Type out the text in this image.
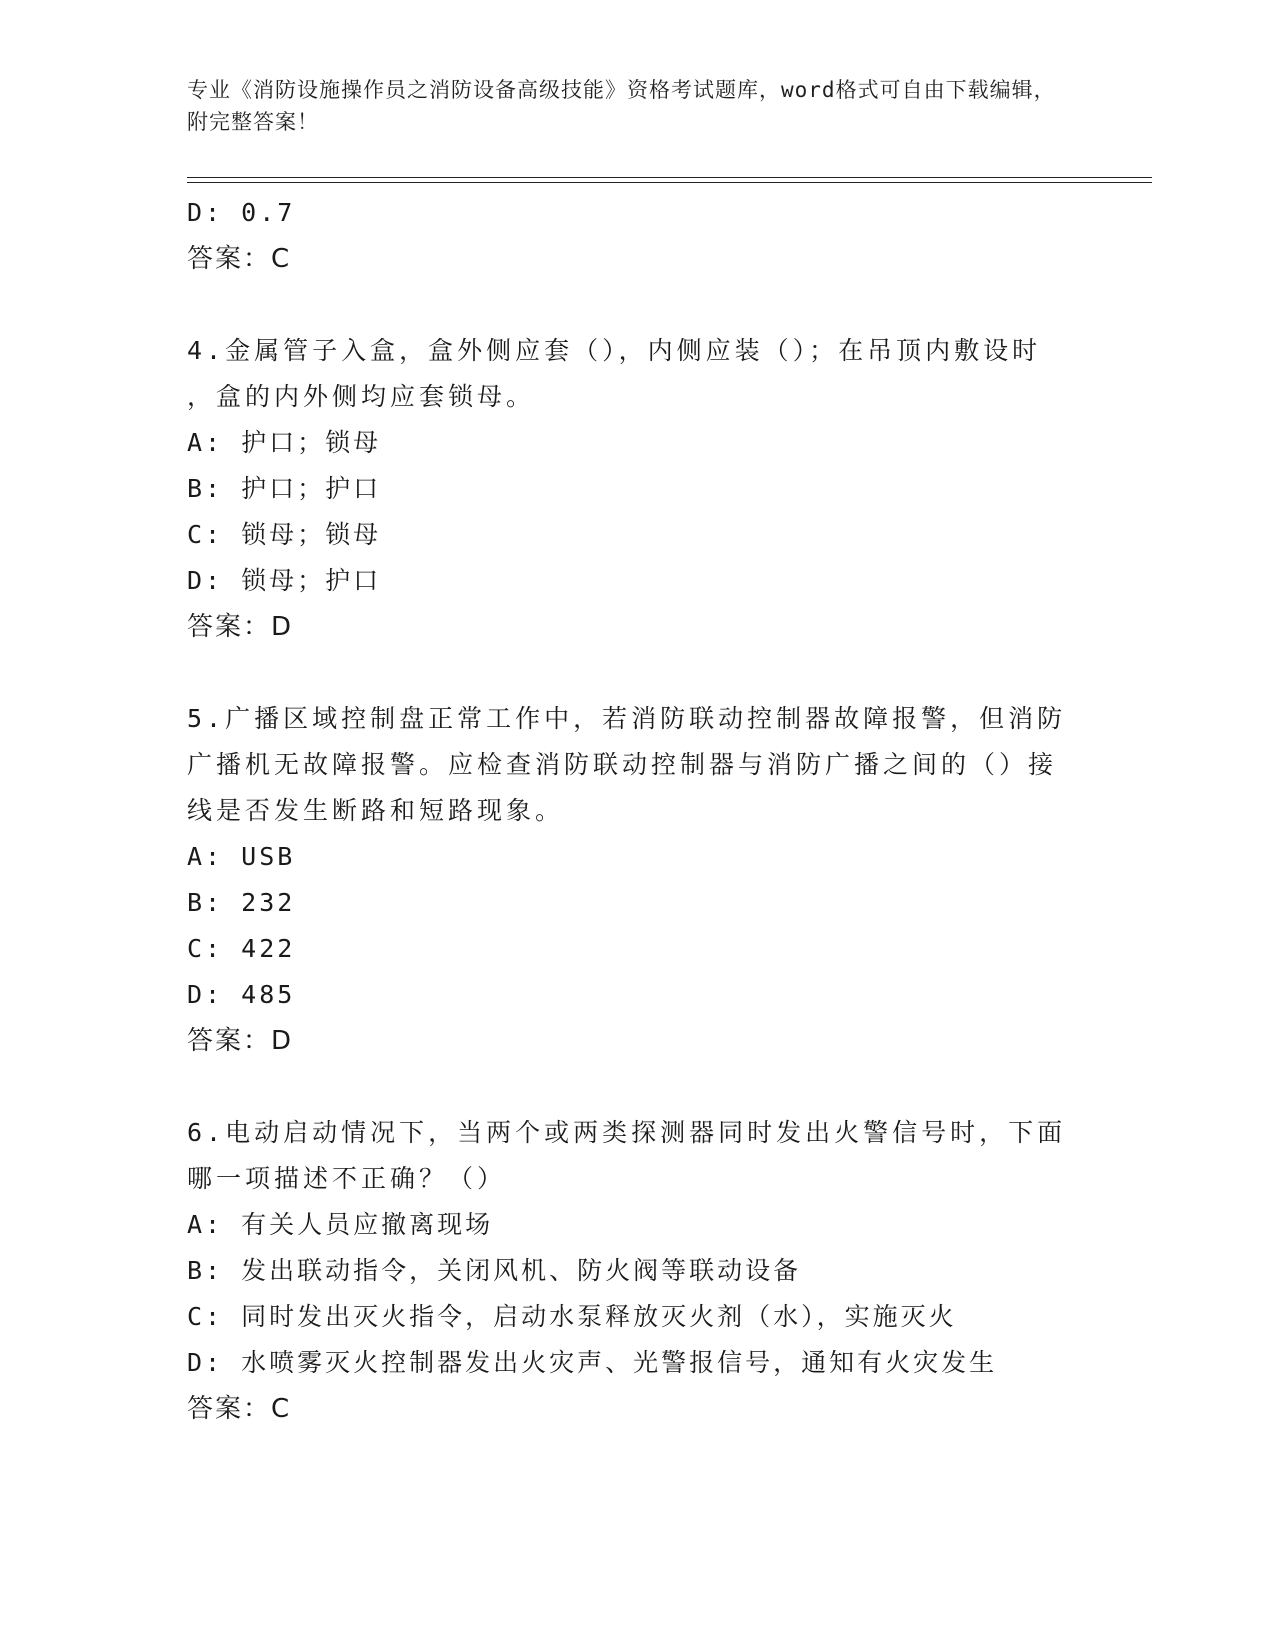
专业《消防设施操作员之消防设备高级技能》资格考试题库，word格式可自由下载编辑，附完整答案！
D: 0.7
答案：C
4.金属管子入盒，盒外侧应套（），内侧应装（）；在吊顶内敷设时
，盒的内外侧均应套锁母。
A: 护口；锁母
B: 护口；护口
C: 锁母；锁母
D: 锁母；护口
答案：D
5.广播区域控制盘正常工作中，若消防联动控制器故障报警，但消防
广播机无故障报警。应检查消防联动控制器与消防广播之间的（）接
线是否发生断路和短路现象。
A: USB
B: 232
C: 422
D: 485
答案：D
6.电动启动情况下，当两个或两类探测器同时发出火警信号时，下面
哪一项描述不正确？（）
A: 有关人员应撤离现场
B: 发出联动指令，关闭风机、防火阀等联动设备
C: 同时发出灭火指令，启动水泵释放灭火剂（水），实施灭火
D: 水喷雾灭火控制器发出火灾声、光警报信号，通知有火灾发生
答案：C
